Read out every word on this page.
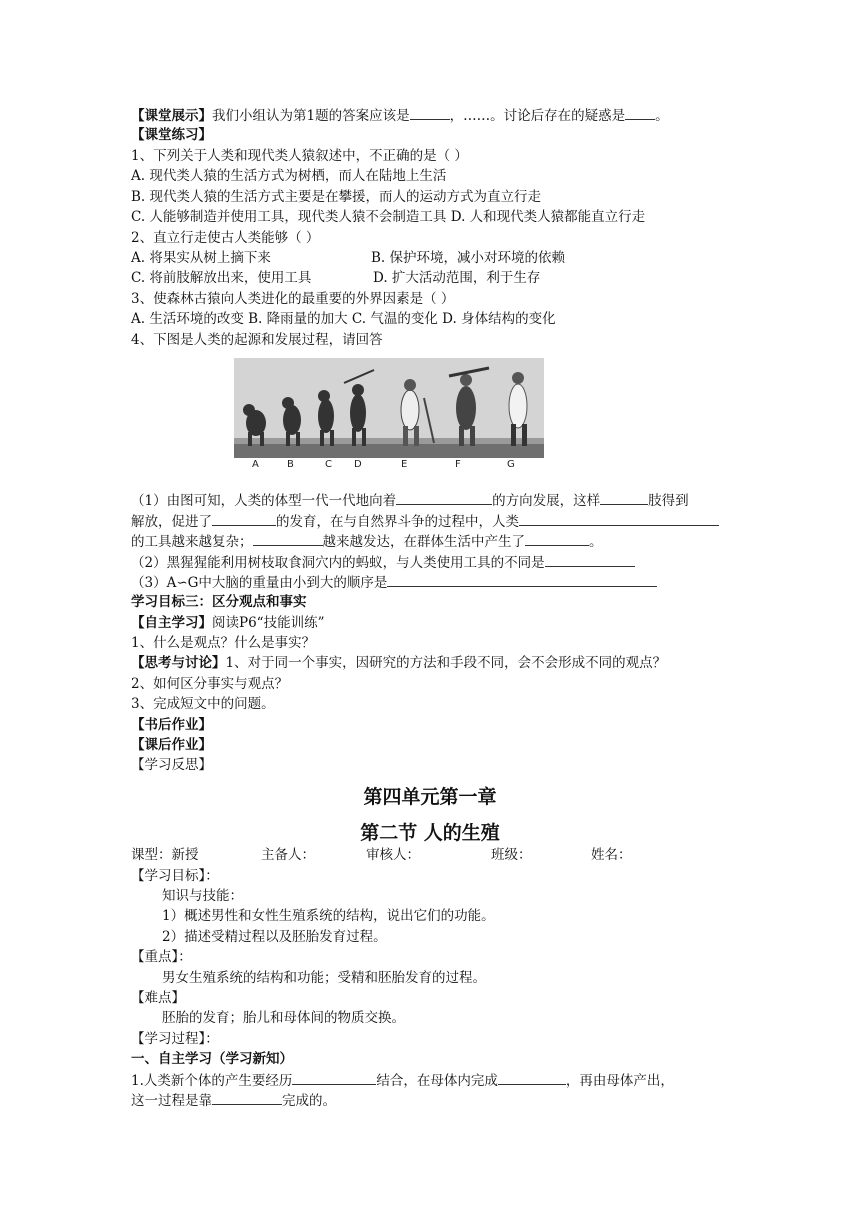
【课堂展示】我们小组认为第1题的答案应该是	，……。讨论后存在的疑惑是 。
【课堂练习】
1、下列关于人类和现代类人猿叙述中，不正确的是（ ）
A. 现代类人猿的生活方式为树栖，而人在陆地上生活
B. 现代类人猿的生活方式主要是在攀援，而人的运动方式为直立行走
C. 人能够制造并使用工具，现代类人猿不会制造工具 D. 人和现代类人猿都能直立行走
2、直立行走使古人类能够（ ）
A. 将果实从树上摘下来	B. 保护环境，减小对环境的依赖
C. 将前肢解放出来，使用工具	D. 扩大活动范围，利于生存
3、使森林古猿向人类进化的最重要的外界因素是（ ）
A. 生活环境的改变 B. 降雨量的加大 C. 气温的变化 D. 身体结构的变化
4、下图是人类的起源和发展过程，请回答
A	B	C D	E	F	G
（1）由图可知，人类的体型一代一代地向着	的方向发展，这样	肢得到
解放，促进了	的发育，在与自然界斗争的过程中，人类
的工具越来越复杂；	越来越发达，在群体生活中产生了	。
（2）黑猩猩能利用树枝取食洞穴内的蚂蚁，与人类使用工具的不同是
（3）A∽G中大脑的重量由小到大的顺序是
学习目标三：区分观点和事实
【自主学习】阅读P6“技能训练”
1、什么是观点？什么是事实？
【思考与讨论】1、对于同一个事实，因研究的方法和手段不同，会不会形成不同的观点？
2、如何区分事实与观点？
3、完成短文中的问题。
【书后作业】
【课后作业】
【学习反思】
第四单元第一章
第二节 人的生殖
课型：新授	主备人：	审核人：	班级：	姓名：
【学习目标】：
知识与技能：
1）概述男性和女性生殖系统的结构，说出它们的功能。
2）描述受精过程以及胚胎发育过程。
【重点】：
男女生殖系统的结构和功能；受精和胚胎发育的过程。
【难点】
胚胎的发育；胎儿和母体间的物质交换。
【学习过程】：
一、自主学习（学习新知）
1.人类新个体的产生要经历	结合，在母体内完成	，再由母体产出，
这一过程是靠	完成的。
